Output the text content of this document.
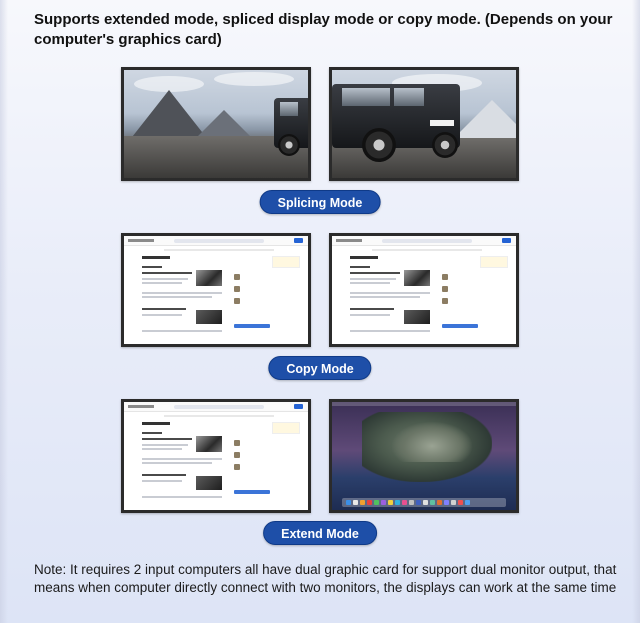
Supports extended mode, spliced display mode or copy mode. (Depends on your computer's graphics card)
Splicing Mode
Copy Mode
Extend Mode
Note: It requires 2 input computers all have dual graphic card for support dual monitor output, that means when computer directly connect with two monitors, the displays can work at the same time
